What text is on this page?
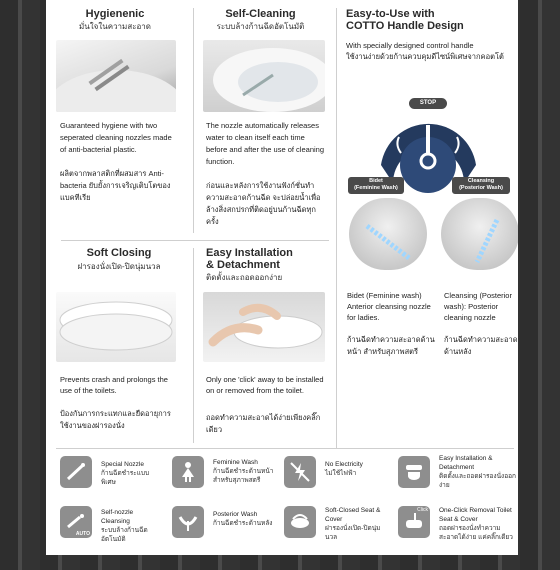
Hygienenic
มั่นใจในความสะอาด
Guaranteed hygiene with two seperated cleaning nozzles made of anti-bacterial plastic.
ผลิตจากพลาสติกที่ผสมสาร Anti-bacteria ยับยั้งการเจริญเติบโตของแบคทีเรีย
Self-Cleaning
ระบบล้างก้านฉีดอัตโนมัติ
The nozzle automatically releases water to clean itself each time before and after the use of cleaning function.
ก่อนและหลังการใช้งานฟังก์ชั่นทำความสะอาดก้านฉีด จะปล่อยน้ำเพื่อล้างสิ่งสกปรกที่ติดอยู่บนก้านฉีดทุกครั้ง
Easy-to-Use with
COTTO Handle Design
With specially designed control handle
ใช้งานง่ายด้วยก้านควบคุมดีไซน์พิเศษจากคอตโต้
STOP
Bidet
(Feminine Wash)
Cleansing
(Posterior Wash)
Bidet (Feminine wash) Anterior cleansing nozzle for ladies.
ก้านฉีดทำความสะอาดด้านหน้า สำหรับสุภาพสตรี
Cleansing (Posterior wash): Posterior cleaning nozzle
ก้านฉีดทำความสะอาดด้านหลัง
Soft Closing
ฝารองนั่งเปิด-ปิดนุ่มนวล
Prevents crash and prolongs the use of the toilets.
ป้องกันการกระแทกและยืดอายุการใช้งานของฝารองนั่ง
Easy Installation
& Detachment
ติดตั้งและถอดออกง่าย
Only one 'click' away to be installed on or removed from the toilet.
ถอดทำความสะอาดได้ง่ายเพียงคลิ๊ก เดียว
Special Nozzle
ก้านฉีดชำระแบบพิเศษ
Feminine Wash
ก้านฉีดชำระด้านหน้า สำหรับสุภาพสตรี
No Electricity
ไม่ใช้ไฟฟ้า
Easy Installation & Detachment
ติดตั้งและถอดฝารองนั่งออกง่าย
AUTO
Self-nozzle Cleansing
ระบบล้างก้านฉีดอัตโนมัติ
Posterior Wash
ก้านฉีดชำระด้านหลัง
Soft-Closed Seat & Cover
ฝารองนั่งเปิด-ปิดนุ่มนวล
Click One-Click Removal Toilet Seat & Cover
ถอดฝารองนั่งทำความสะอาดได้ง่าย แค่คลิ๊กเดียว
